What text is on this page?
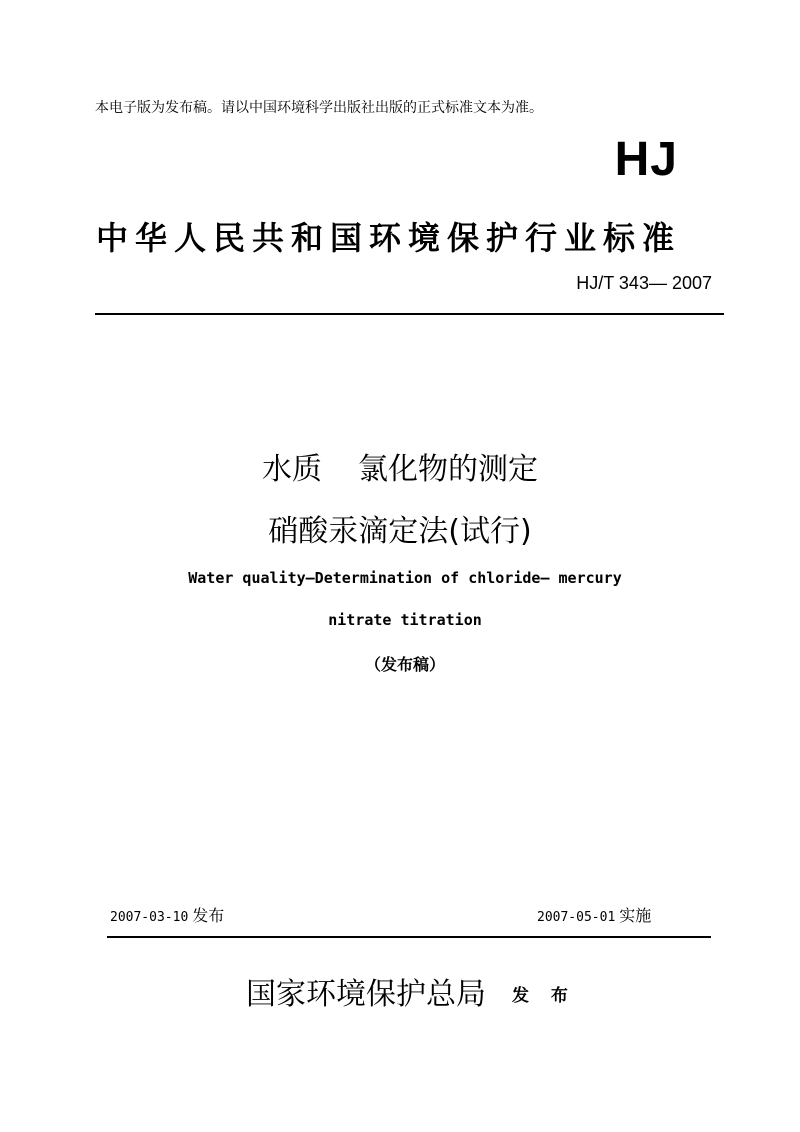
本电子版为发布稿。请以中国环境科学出版社出版的正式标准文本为准。
HJ
中华人民共和国环境保护行业标准
HJ/T 343— 2007
水质 氯化物的测定
硝酸汞滴定法(试行)
Water quality—Determination of chloride— mercury
nitrate titration
（发布稿）
2007-03-10 发布	2007-05-01 实施
国家环境保护总局 发 布
